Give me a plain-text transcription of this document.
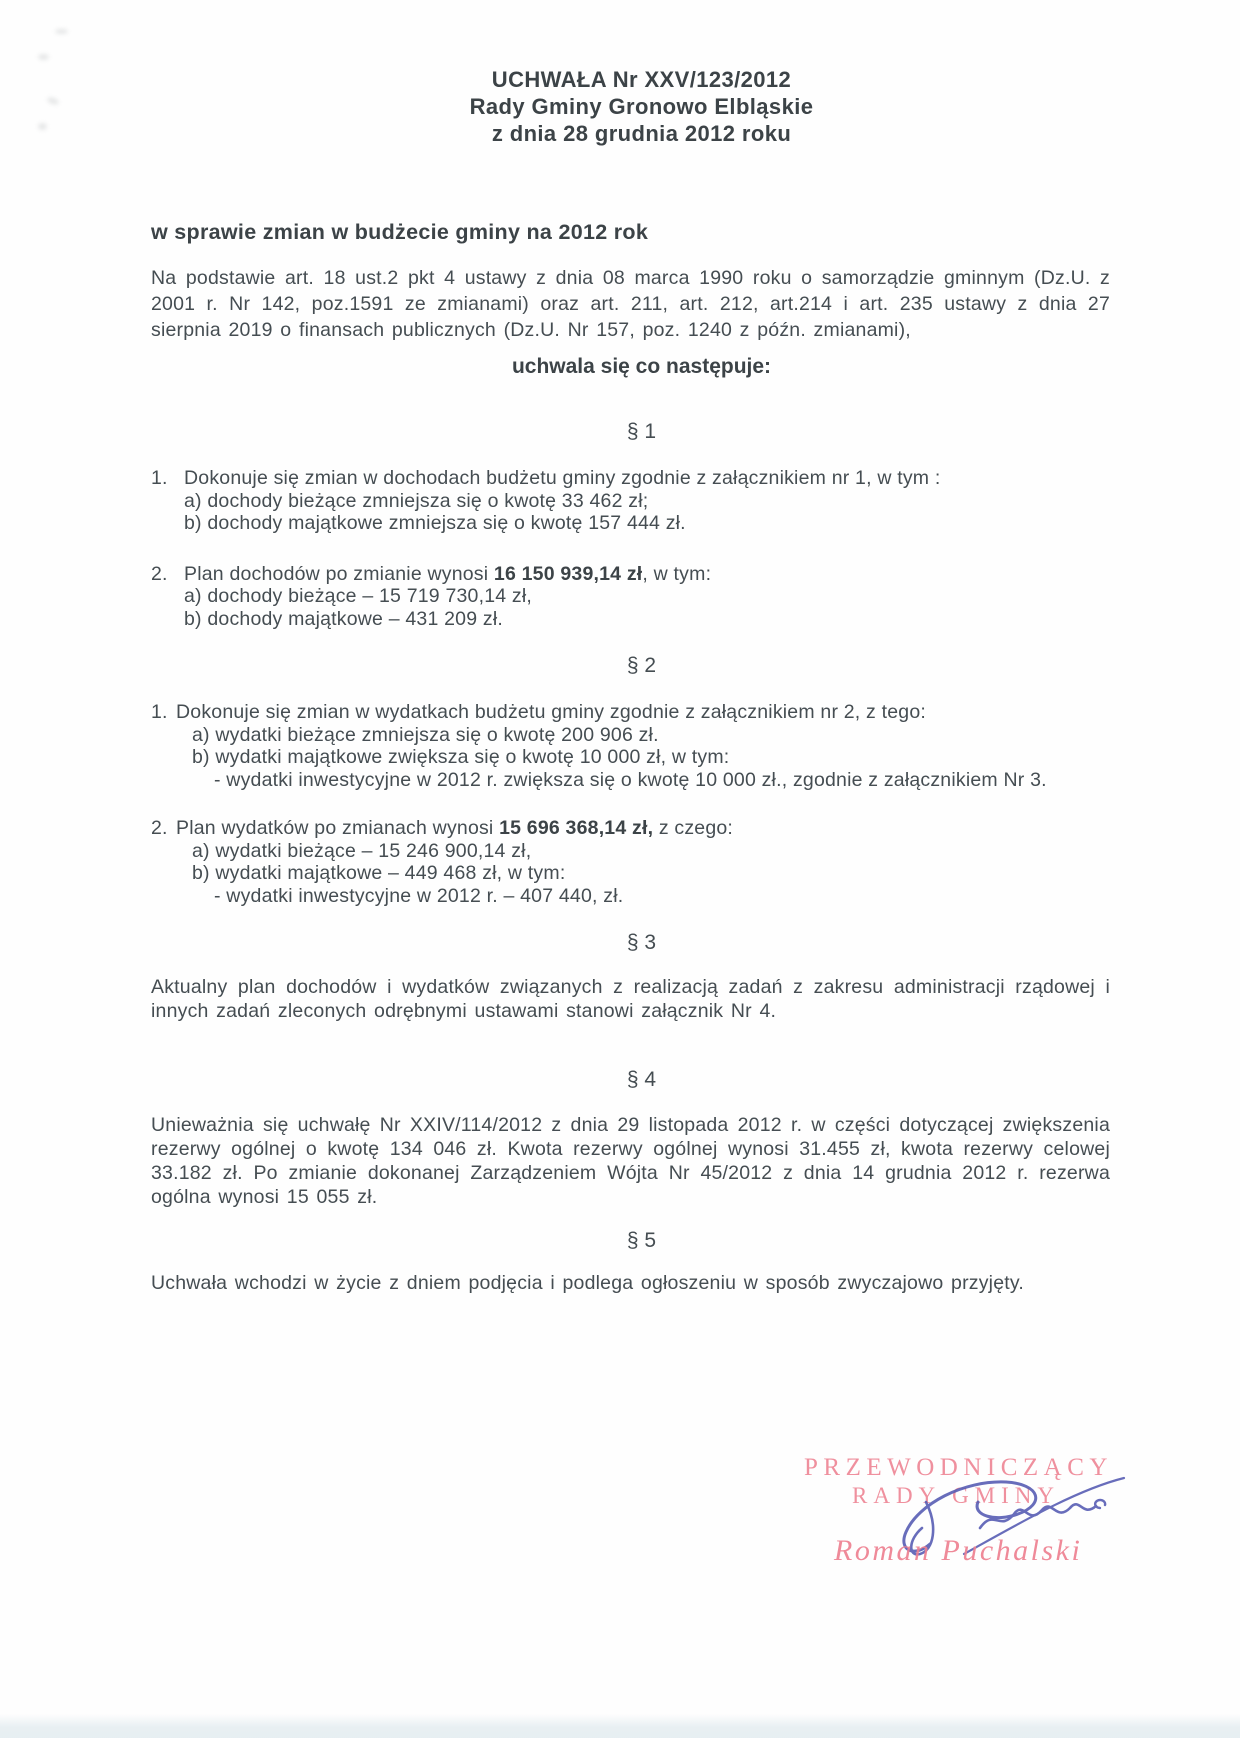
UCHWAŁA Nr XXV/123/2012
Rady Gminy Gronowo Elbląskie
z dnia 28 grudnia 2012 roku
w sprawie zmian w budżecie gminy na 2012 rok
Na podstawie art. 18 ust.2 pkt 4 ustawy z dnia 08 marca 1990 roku o samorządzie gminnym (Dz.U. z 2001 r. Nr 142, poz.1591 ze zmianami) oraz art. 211, art. 212, art.214 i art. 235 ustawy z dnia 27 sierpnia 2019 o finansach publicznych (Dz.U. Nr 157, poz. 1240 z późn. zmianami),
uchwala się co następuje:
§ 1
1. Dokonuje się zmian w dochodach budżetu gminy zgodnie z załącznikiem nr 1, w tym :
a) dochody bieżące zmniejsza się o kwotę 33 462 zł;
b) dochody majątkowe zmniejsza się o kwotę 157 444 zł.
2. Plan dochodów po zmianie wynosi 16 150 939,14 zł, w tym:
a) dochody bieżące – 15 719 730,14 zł,
b) dochody majątkowe – 431 209 zł.
§ 2
1. Dokonuje się zmian w wydatkach budżetu gminy zgodnie z załącznikiem nr 2, z tego:
a) wydatki bieżące zmniejsza się o kwotę 200 906 zł.
b) wydatki majątkowe zwiększa się o kwotę 10 000 zł, w tym:
- wydatki inwestycyjne w 2012 r. zwiększa się o kwotę 10 000 zł., zgodnie z załącznikiem Nr 3.
2. Plan wydatków po zmianach wynosi 15 696 368,14 zł, z czego:
a) wydatki bieżące – 15 246 900,14 zł,
b) wydatki majątkowe – 449 468 zł, w tym:
- wydatki inwestycyjne w 2012 r. – 407 440, zł.
§ 3
Aktualny plan dochodów i wydatków związanych z realizacją zadań z zakresu administracji rządowej i innych zadań zleconych odrębnymi ustawami stanowi załącznik Nr 4.
§ 4
Unieważnia się uchwałę Nr XXIV/114/2012 z dnia 29 listopada 2012 r. w części dotyczącej zwiększenia rezerwy ogólnej o kwotę 134 046 zł. Kwota rezerwy ogólnej wynosi 31.455 zł, kwota rezerwy celowej 33.182 zł. Po zmianie dokonanej Zarządzeniem Wójta Nr 45/2012 z dnia 14 grudnia 2012 r. rezerwa ogólna wynosi 15 055 zł.
§ 5
Uchwała wchodzi w życie z dniem podjęcia i podlega ogłoszeniu w sposób zwyczajowo przyjęty.
PRZEWODNICZĄCY
RADY GMINY
Roman Puchalski
